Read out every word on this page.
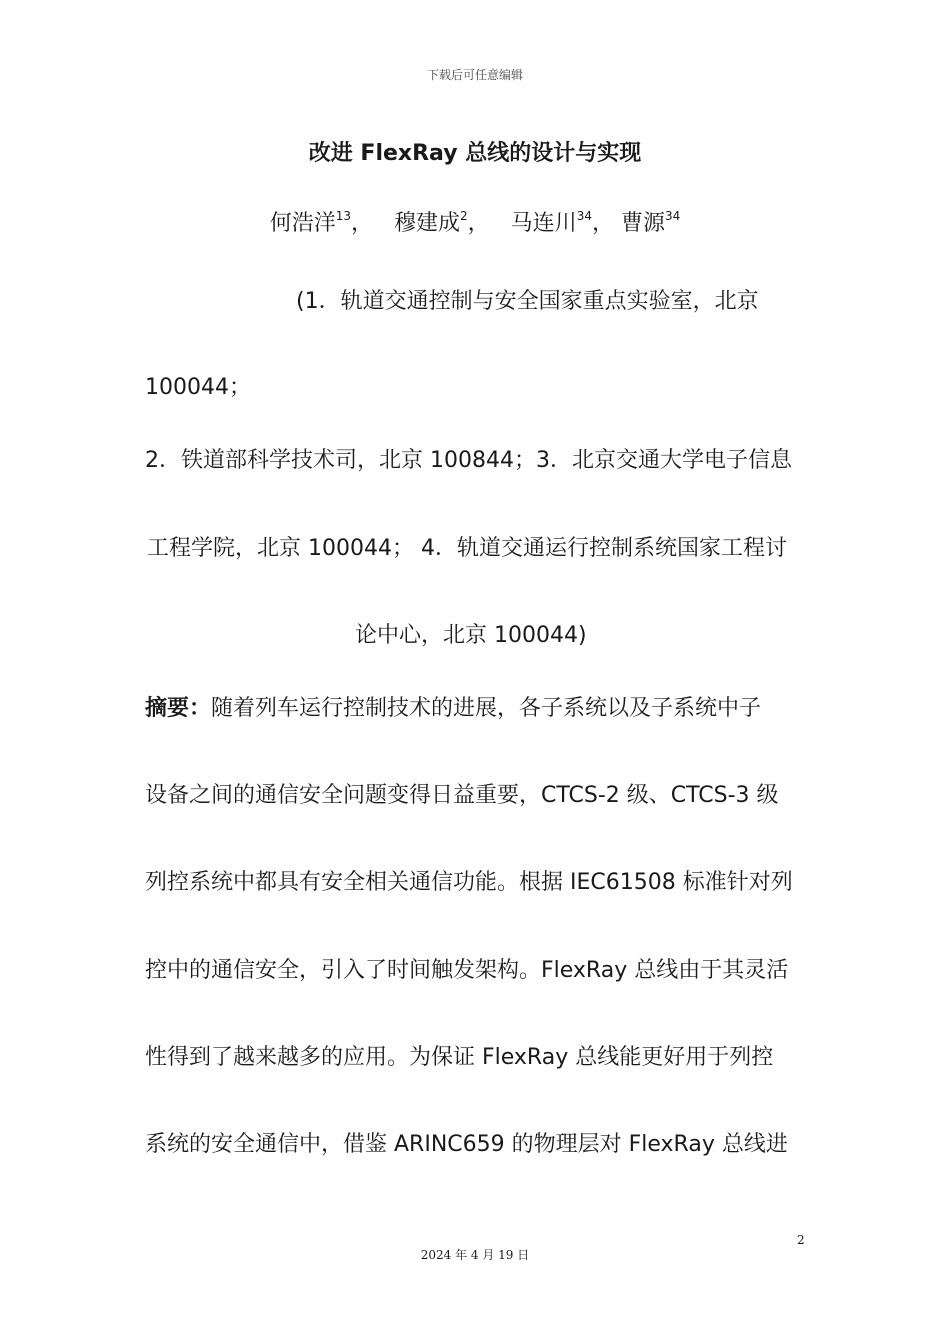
下载后可任意编辑
改进 FlexRay 总线的设计与实现
何浩洋$^{13}$， 穆建成$^2$， 马连川$^{34}$， 曹源$^{34}$
(1．轨道交通控制与安全国家重点实验室，北京
100044；
2．铁道部科学技术司，北京 100844；3．北京交通大学电子信息
工程学院，北京 100044； 4．轨道交通运行控制系统国家工程讨
论中心，北京 100044)
摘要：随着列车运行控制技术的进展，各子系统以及子系统中子
设备之间的通信安全问题变得日益重要，CTCS-2 级、CTCS-3 级
列控系统中都具有安全相关通信功能。根据 IEC61508 标准针对列
控中的通信安全，引入了时间触发架构。FlexRay 总线由于其灵活
性得到了越来越多的应用。为保证 FlexRay 总线能更好用于列控
系统的安全通信中，借鉴 ARINC659 的物理层对 FlexRay 总线进
2
2024 年 4 月 19 日
